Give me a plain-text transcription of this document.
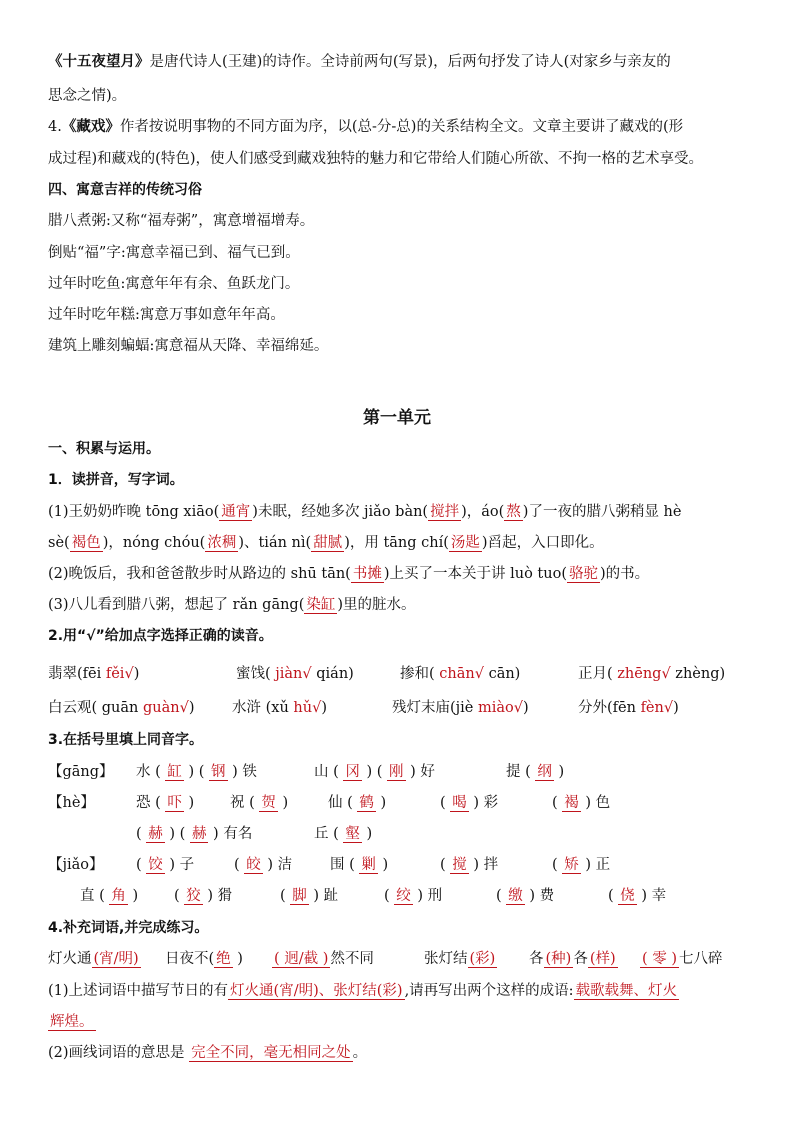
《十五夜望月》是唐代诗人(王建)的诗作。全诗前两句(写景)，后两句抒发了诗人(对家乡与亲友的
思念之情)。
4.《藏戏》作者按说明事物的不同方面为序，以(总-分-总)的关系结构全文。文章主要讲了藏戏的(形
成过程)和藏戏的(特色)，使人们感受到藏戏独特的魅力和它带给人们随心所欲、不拘一格的艺术享受。
四、寓意吉祥的传统习俗
腊八煮粥:又称“福寿粥”，寓意增福增寿。
倒贴“福”字:寓意幸福已到、福气已到。
过年时吃鱼:寓意年年有余、鱼跃龙门。
过年时吃年糕:寓意万事如意年年高。
建筑上雕刻蝙蝠:寓意福从天降、幸福绵延。
第一单元
一、积累与运用。
1．读拼音，写字词。
(1)王奶奶昨晚 tōng xiāo( 通宵 )未眠，经她多次 jiǎo bàn( 搅拌 )，áo( 熬 )了一夜的腊八粥稍显 hè
sè( 褐色 )，nóng chóu( 浓稠 )、tián nì( 甜腻 )，用 tāng chí( 汤匙 )舀起，入口即化。
(2)晚饭后，我和爸爸散步时从路边的 shū tān( 书摊 )上买了一本关于讲 luò tuo( 骆驼 )的书。
(3)八儿看到腊八粥，想起了 rǎn gāng( 染缸 )里的脏水。
2.用“√”给加点字选择正确的读音。
翡翠(fēi fěi√)	蜜饯( jiàn√ qián)	掺和( chān√ cān)	正月( zhēng√ zhèng)
白云观( guān guàn√)	水浒 (xǔ hǔ√)	残灯末庙(jiè miào√)	分外(fēn fèn√)
3.在括号里填上同音字。
【gāng】 水 ( 缸 ) ( 钢 ) 铁	山 ( 冈 ) ( 刚 ) 好	提 ( 纲 )
【hè】	恐 ( 吓 ) 祝 ( 贺 )	仙 ( 鹤 )	( 喝 ) 彩	( 褐 ) 色
( 赫 ) ( 赫 ) 有名	丘 ( 壑 )
【jiǎo】 ( 饺 ) 子	( 皎 ) 洁	围 ( 剿 )	( 搅 ) 拌	( 矫 ) 正
直 ( 角 ) ( 狡 ) 猾	( 脚 ) 趾	( 绞 ) 刑	( 缴 ) 费	( 侥 ) 幸
4.补充词语,并完成练习。
灯火通 (宵/明) 日夜不( 绝 ) ( 迥/截 ) 然不同	张灯结 (彩) 各 (种) 各 (样) ( 零 ) 七八碎
(1)上述词语中描写节日的有 灯火通(宵/明)、张灯结(彩) ,请再写出两个这样的成语: 载歌载舞、灯火
辉煌。
(2)画线词语的意思是 完全不同，毫无相同之处 。
